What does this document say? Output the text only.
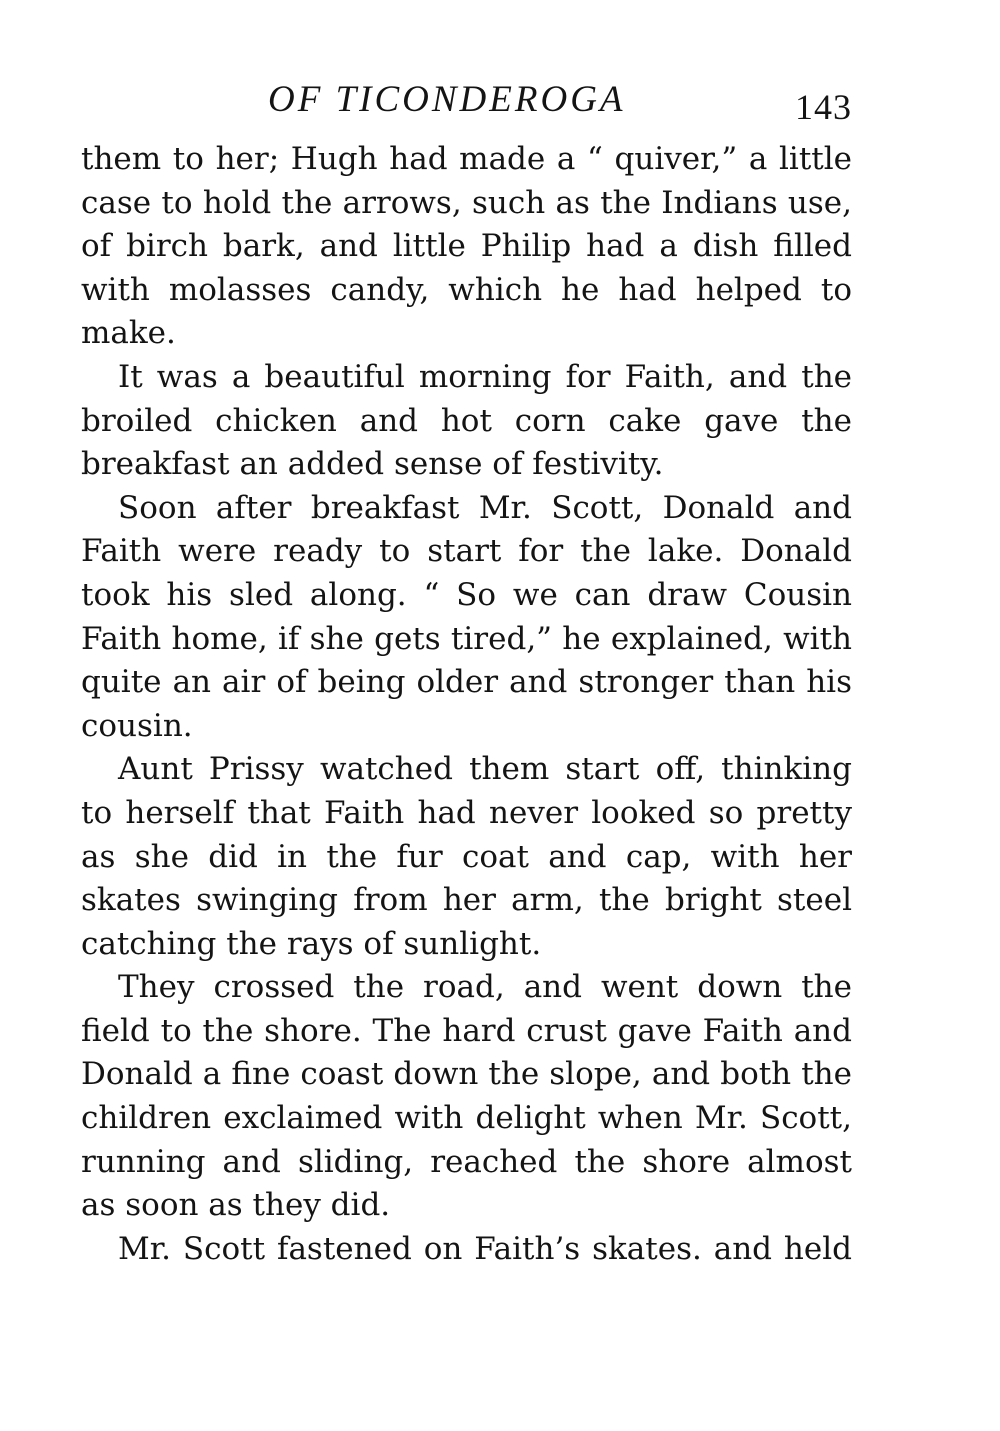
OF TICONDEROGA	143

them to her; Hugh had made a “ quiver,” a little case to hold the arrows, such as the Indians use, of birch bark, and little Philip had a dish filled with molasses candy, which he had helped to make.

It was a beautiful morning for Faith, and the broiled chicken and hot corn cake gave the breakfast an added sense of festivity.

Soon after breakfast Mr. Scott, Donald and Faith were ready to start for the lake. Donald took his sled along. “ So we can draw Cousin Faith home, if she gets tired,” he explained, with quite an air of being older and stronger than his cousin.

Aunt Prissy watched them start off, thinking to herself that Faith had never looked so pretty as she did in the fur coat and cap, with her skates swinging from her arm, the bright steel catching the rays of sunlight.

They crossed the road, and went down the field to the shore. The hard crust gave Faith and Donald a fine coast down the slope, and both the children exclaimed with delight when Mr. Scott, running and sliding, reached the shore almost as soon as they did.

Mr. Scott fastened on Faith’s skates. and held
